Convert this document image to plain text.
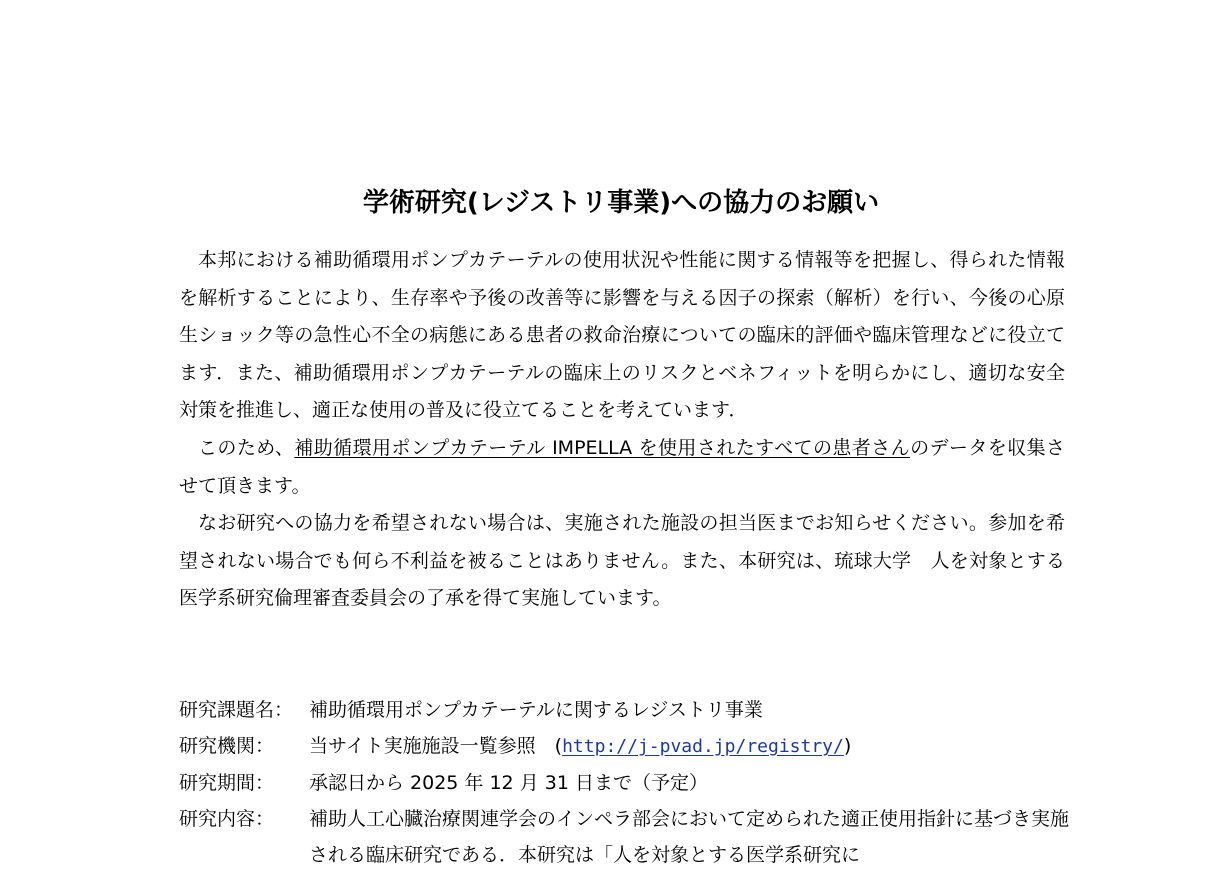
学術研究(レジストリ事業)への協力のお願い

本邦における補助循環用ポンプカテーテルの使用状況や性能に関する情報等を把握し、得られた情報を解析することにより、生存率や予後の改善等に影響を与える因子の探索（解析）を行い、今後の心原生ショック等の急性心不全の病態にある患者の救命治療についての臨床的評価や臨床管理などに役立てます．また、補助循環用ポンプカテーテルの臨床上のリスクとベネフィットを明らかにし、適切な安全対策を推進し、適正な使用の普及に役立てることを考えています．

このため、補助循環用ポンプカテーテル IMPELLA を使用されたすべての患者さんのデータを収集させて頂きます。

なお研究への協力を希望されない場合は、実施された施設の担当医までお知らせください。参加を希望されない場合でも何ら不利益を被ることはありません。また、本研究は、琉球大学　人を対象とする医学系研究倫理審査委員会の了承を得て実施しています。

研究課題名： 補助循環用ポンプカテーテルに関するレジストリ事業
研究機関：	当サイト実施施設一覧参照　(http://j-pvad.jp/registry/)
研究期間：	承認日から 2025 年 12 月 31 日まで（予定）
研究内容：	補助人工心臓治療関連学会のインペラ部会において定められた適正使用指針に基づき実施される臨床研究である．本研究は「人を対象とする医学系研究に
